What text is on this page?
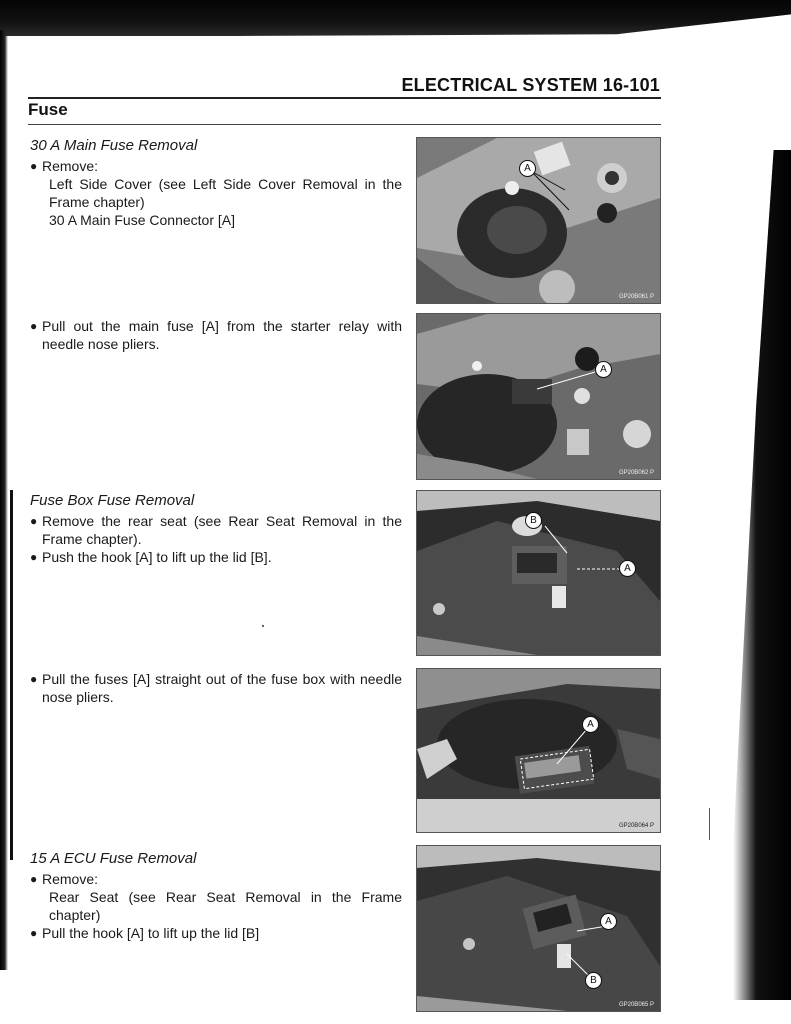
ELECTRICAL SYSTEM 16-101
Fuse
30 A Main Fuse Removal
● Remove:
Left Side Cover (see Left Side Cover Removal in the Frame chapter)
30 A Main Fuse Connector [A]
● Pull out the main fuse [A] from the starter relay with needle nose pliers.
Fuse Box Fuse Removal
● Remove the rear seat (see Rear Seat Removal in the Frame chapter).
● Push the hook [A] to lift up the lid [B].
● Pull the fuses [A] straight out of the fuse box with needle nose pliers.
15 A ECU Fuse Removal
● Remove:
Rear Seat (see Rear Seat Removal in the Frame chapter)
● Pull the hook [A] to lift up the lid [B]
A
GP20B061 P
A
GP20B062 P
B
A
A
GP20B064 P
A
B
GP20B065 P
